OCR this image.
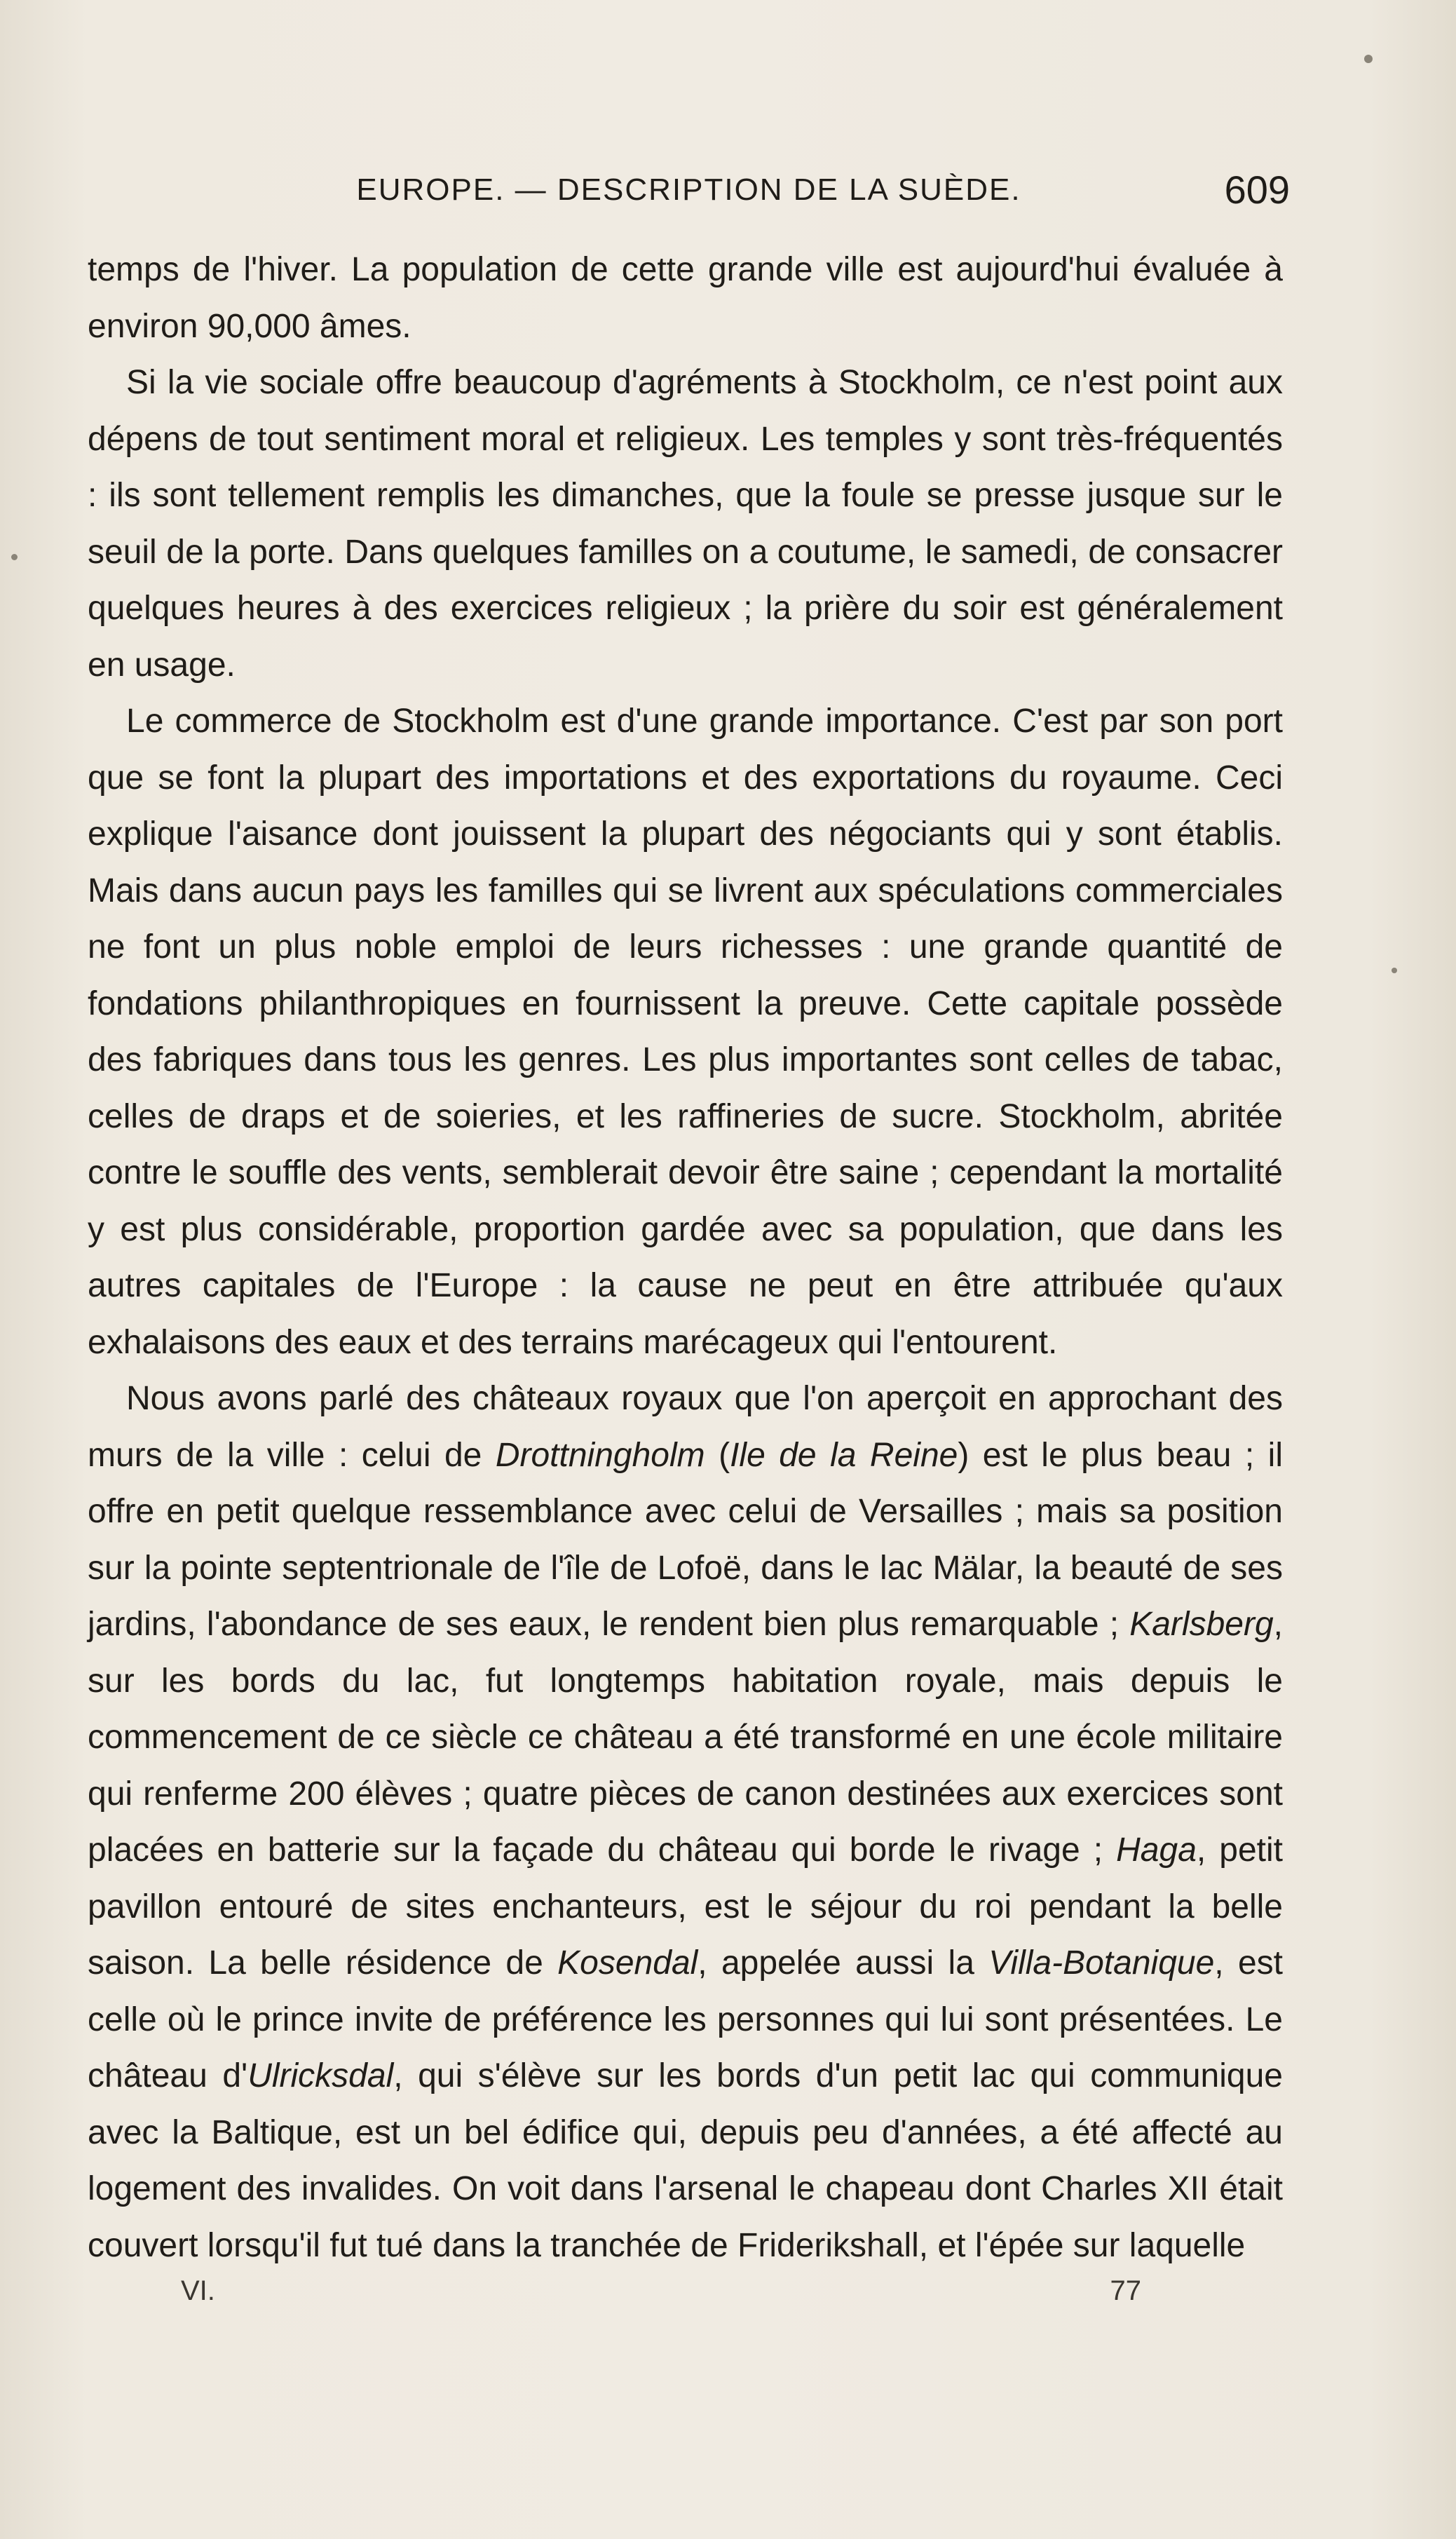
EUROPE. — DESCRIPTION DE LA SUÈDE.	609

temps de l'hiver. La population de cette grande ville est aujourd'hui évaluée à environ 90,000 âmes.

Si la vie sociale offre beaucoup d'agréments à Stockholm, ce n'est point aux dépens de tout sentiment moral et religieux. Les temples y sont très-fréquentés : ils sont tellement remplis les dimanches, que la foule se presse jusque sur le seuil de la porte. Dans quelques familles on a coutume, le samedi, de consacrer quelques heures à des exercices religieux ; la prière du soir est généralement en usage.

Le commerce de Stockholm est d'une grande importance. C'est par son port que se font la plupart des importations et des exportations du royaume. Ceci explique l'aisance dont jouissent la plupart des négociants qui y sont établis. Mais dans aucun pays les familles qui se livrent aux spéculations commerciales ne font un plus noble emploi de leurs richesses : une grande quantité de fondations philanthropiques en fournissent la preuve. Cette capitale possède des fabriques dans tous les genres. Les plus importantes sont celles de tabac, celles de draps et de soieries, et les raffineries de sucre. Stockholm, abritée contre le souffle des vents, semblerait devoir être saine ; cependant la mortalité y est plus considérable, proportion gardée avec sa population, que dans les autres capitales de l'Europe : la cause ne peut en être attribuée qu'aux exhalaisons des eaux et des terrains marécageux qui l'entourent.

Nous avons parlé des châteaux royaux que l'on aperçoit en approchant des murs de la ville : celui de Drottningholm (Ile de la Reine) est le plus beau ; il offre en petit quelque ressemblance avec celui de Versailles ; mais sa position sur la pointe septentrionale de l'île de Lofoë, dans le lac Mälar, la beauté de ses jardins, l'abondance de ses eaux, le rendent bien plus remarquable ; Karlsberg, sur les bords du lac, fut longtemps habitation royale, mais depuis le commencement de ce siècle ce château a été transformé en une école militaire qui renferme 200 élèves ; quatre pièces de canon destinées aux exercices sont placées en batterie sur la façade du château qui borde le rivage ; Haga, petit pavillon entouré de sites enchanteurs, est le séjour du roi pendant la belle saison. La belle résidence de Kosendal, appelée aussi la Villa-Botanique, est celle où le prince invite de préférence les personnes qui lui sont présentées. Le château d'Ulricksdal, qui s'élève sur les bords d'un petit lac qui communique avec la Baltique, est un bel édifice qui, depuis peu d'années, a été affecté au logement des invalides. On voit dans l'arsenal le chapeau dont Charles XII était couvert lorsqu'il fut tué dans la tranchée de Friderikshall, et l'épée sur laquelle

VI.	77
